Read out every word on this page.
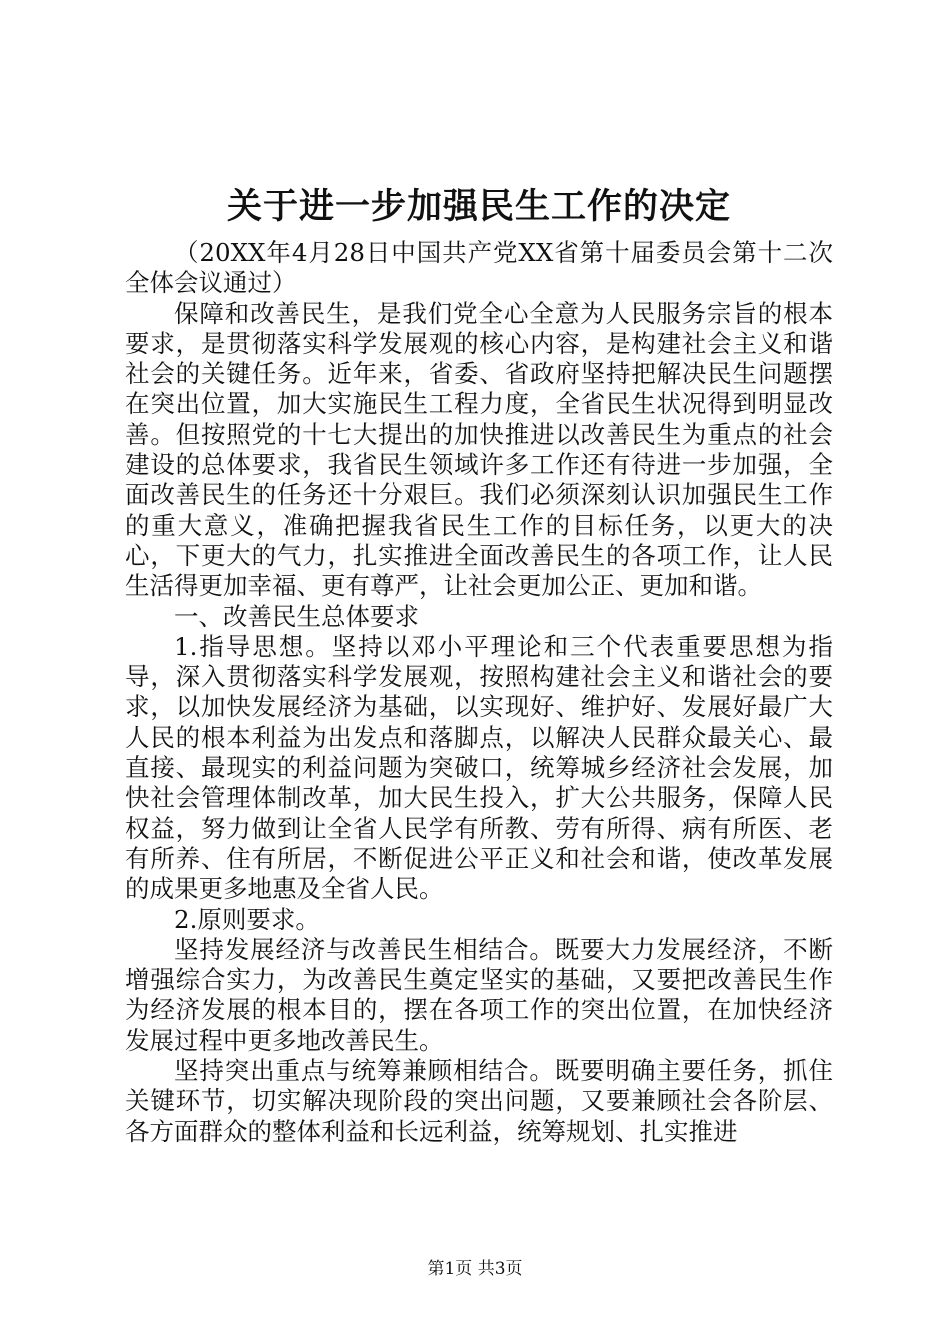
关于进一步加强民生工作的决定

（20XX年4月28日中国共产党XX省第十届委员会第十二次全体会议通过）

保障和改善民生，是我们党全心全意为人民服务宗旨的根本要求，是贯彻落实科学发展观的核心内容，是构建社会主义和谐社会的关键任务。近年来，省委、省政府坚持把解决民生问题摆在突出位置，加大实施民生工程力度，全省民生状况得到明显改善。但按照党的十七大提出的加快推进以改善民生为重点的社会建设的总体要求，我省民生领域许多工作还有待进一步加强，全面改善民生的任务还十分艰巨。我们必须深刻认识加强民生工作的重大意义，准确把握我省民生工作的目标任务，以更大的决心，下更大的气力，扎实推进全面改善民生的各项工作，让人民生活得更加幸福、更有尊严，让社会更加公正、更加和谐。

一、改善民生总体要求

1.指导思想。坚持以邓小平理论和三个代表重要思想为指导，深入贯彻落实科学发展观，按照构建社会主义和谐社会的要求，以加快发展经济为基础，以实现好、维护好、发展好最广大人民的根本利益为出发点和落脚点，以解决人民群众最关心、最直接、最现实的利益问题为突破口，统筹城乡经济社会发展，加快社会管理体制改革，加大民生投入，扩大公共服务，保障人民权益，努力做到让全省人民学有所教、劳有所得、病有所医、老有所养、住有所居，不断促进公平正义和社会和谐，使改革发展的成果更多地惠及全省人民。

2.原则要求。

坚持发展经济与改善民生相结合。既要大力发展经济，不断增强综合实力，为改善民生奠定坚实的基础，又要把改善民生作为经济发展的根本目的，摆在各项工作的突出位置，在加快经济发展过程中更多地改善民生。

坚持突出重点与统筹兼顾相结合。既要明确主要任务，抓住关键环节，切实解决现阶段的突出问题，又要兼顾社会各阶层、各方面群众的整体利益和长远利益，统筹规划、扎实推进

第1页 共3页
